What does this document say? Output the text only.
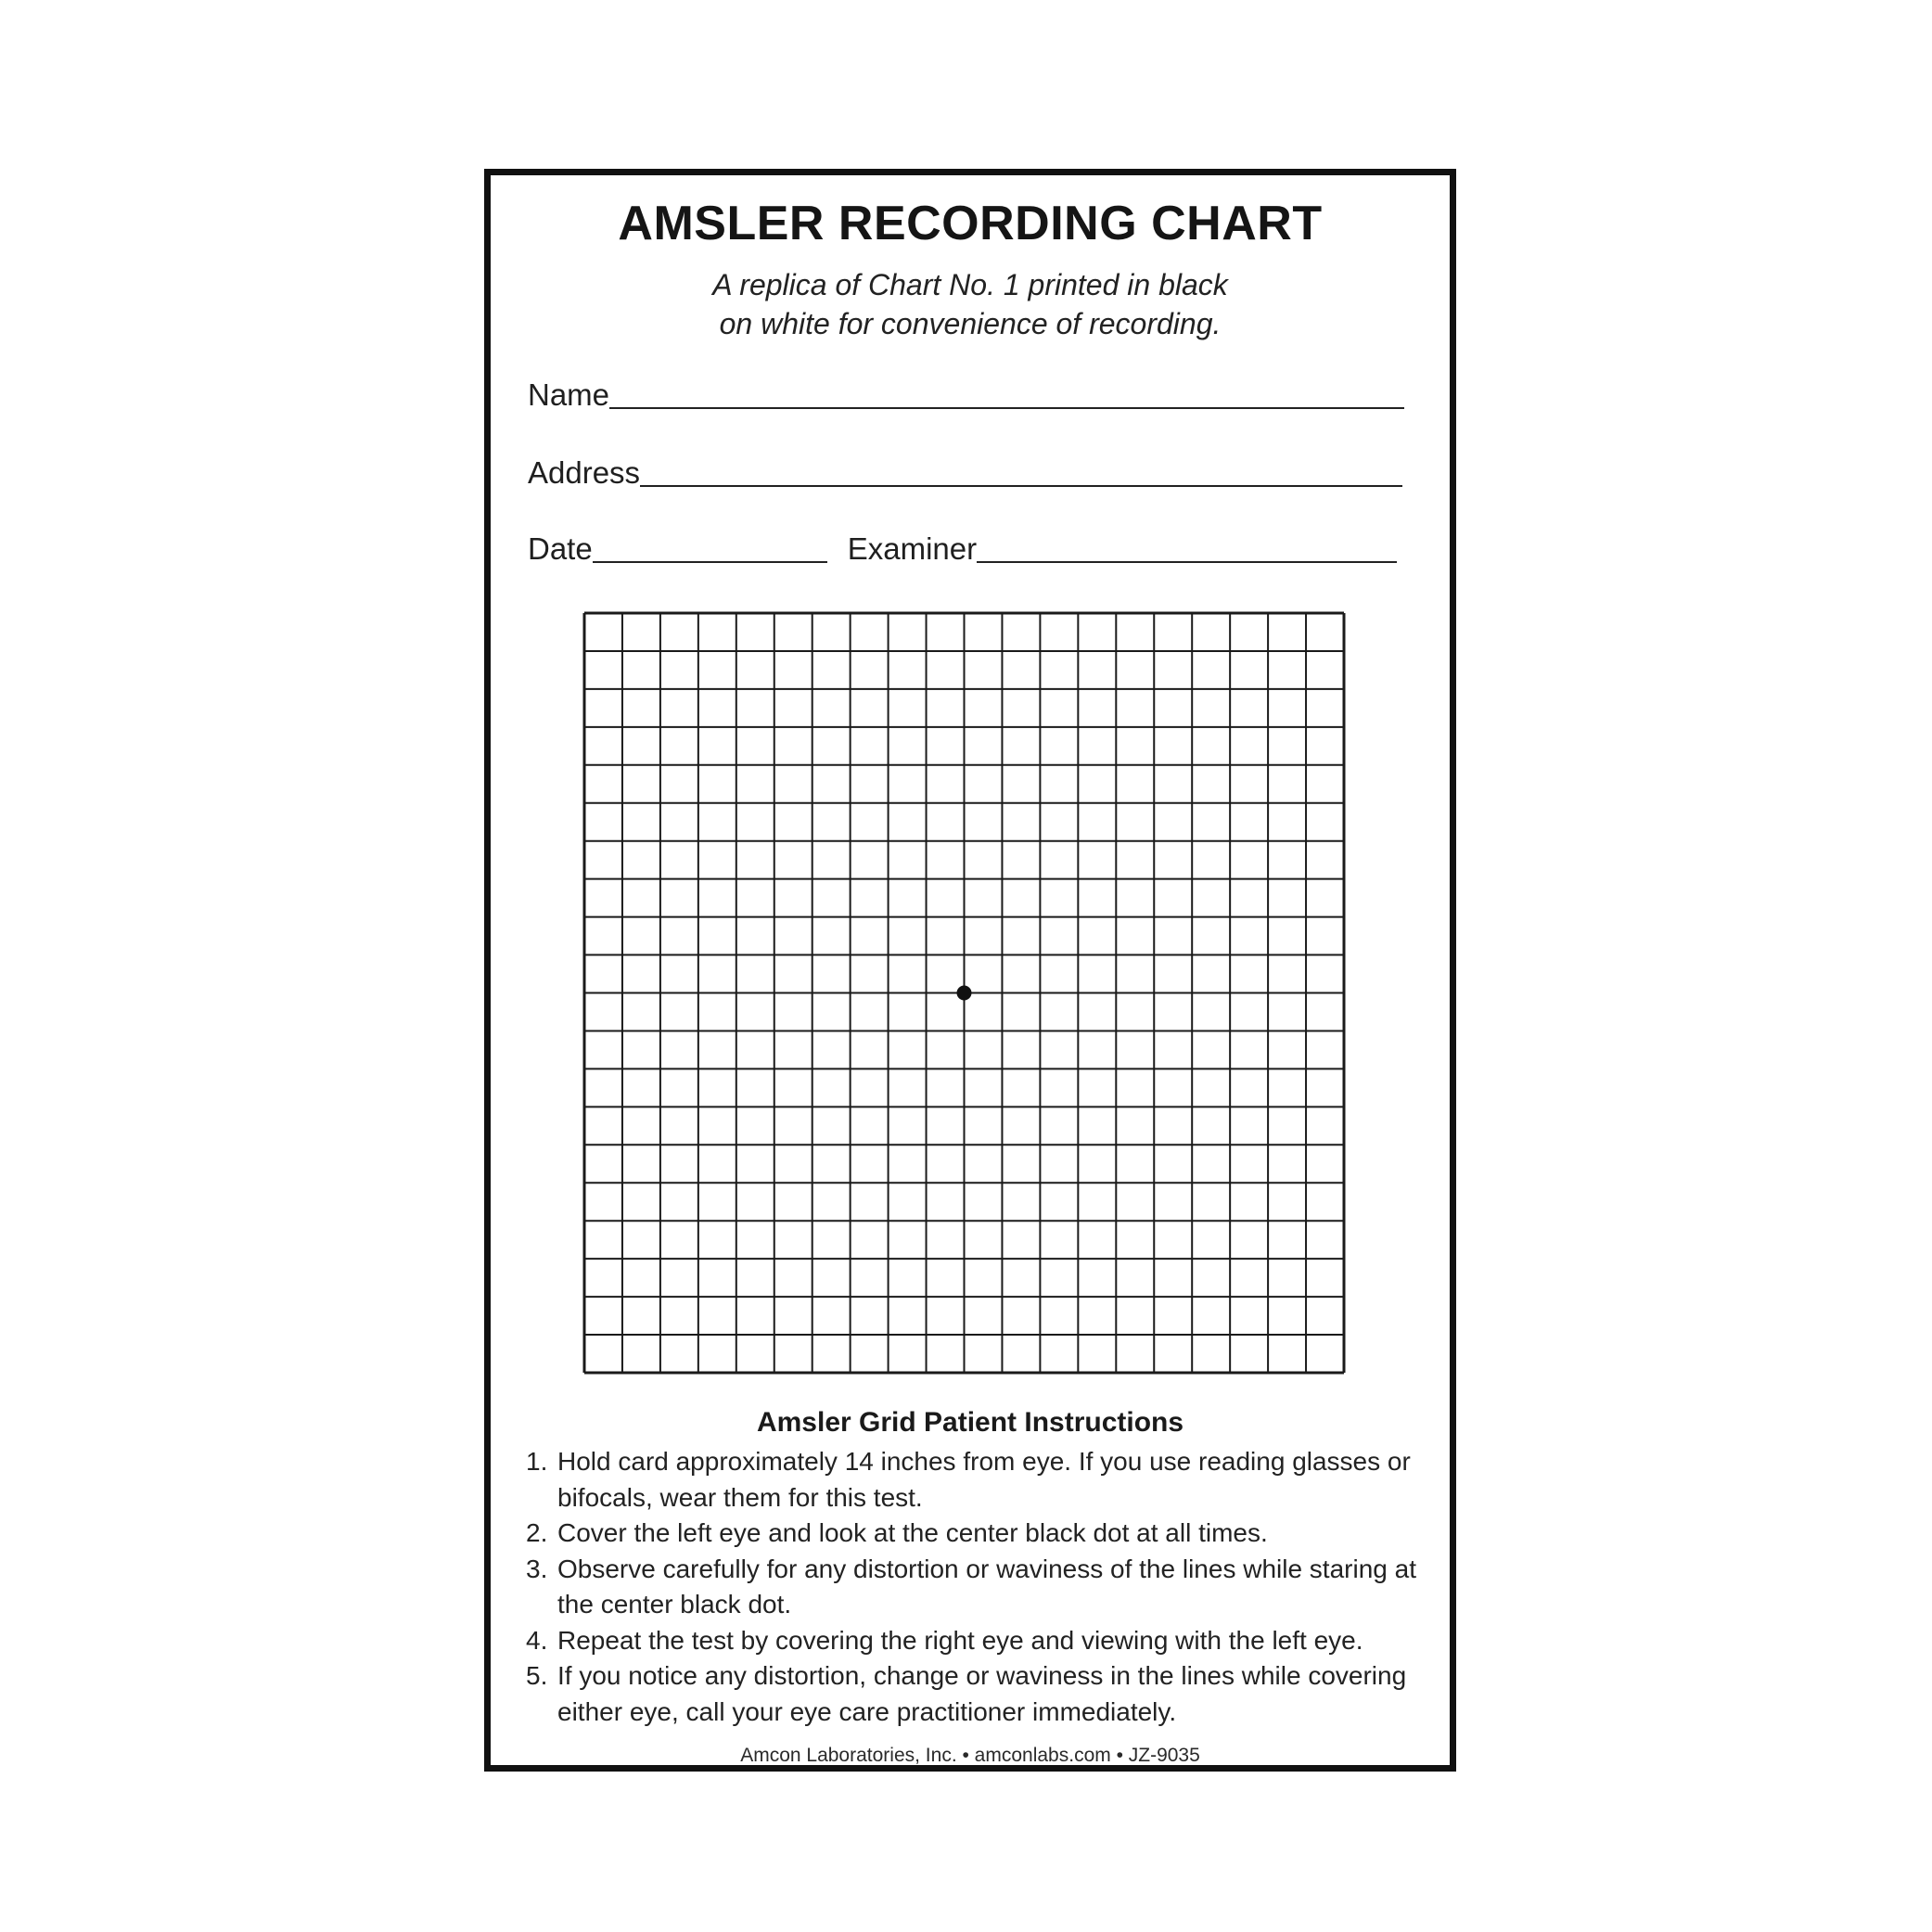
AMSLER RECORDING CHART
A replica of Chart No. 1 printed in black
on white for convenience of recording.
Name
Address
Date	Examiner
Amsler Grid Patient Instructions
1. Hold card approximately 14 inches from eye. If you use reading glasses or bifocals, wear them for this test.
2. Cover the left eye and look at the center black dot at all times.
3. Observe carefully for any distortion or waviness of the lines while staring at the center black dot.
4. Repeat the test by covering the right eye and viewing with the left eye.
5. If you notice any distortion, change or waviness in the lines while covering either eye, call your eye care practitioner immediately.
Amcon Laboratories, Inc. • amconlabs.com • JZ-9035
